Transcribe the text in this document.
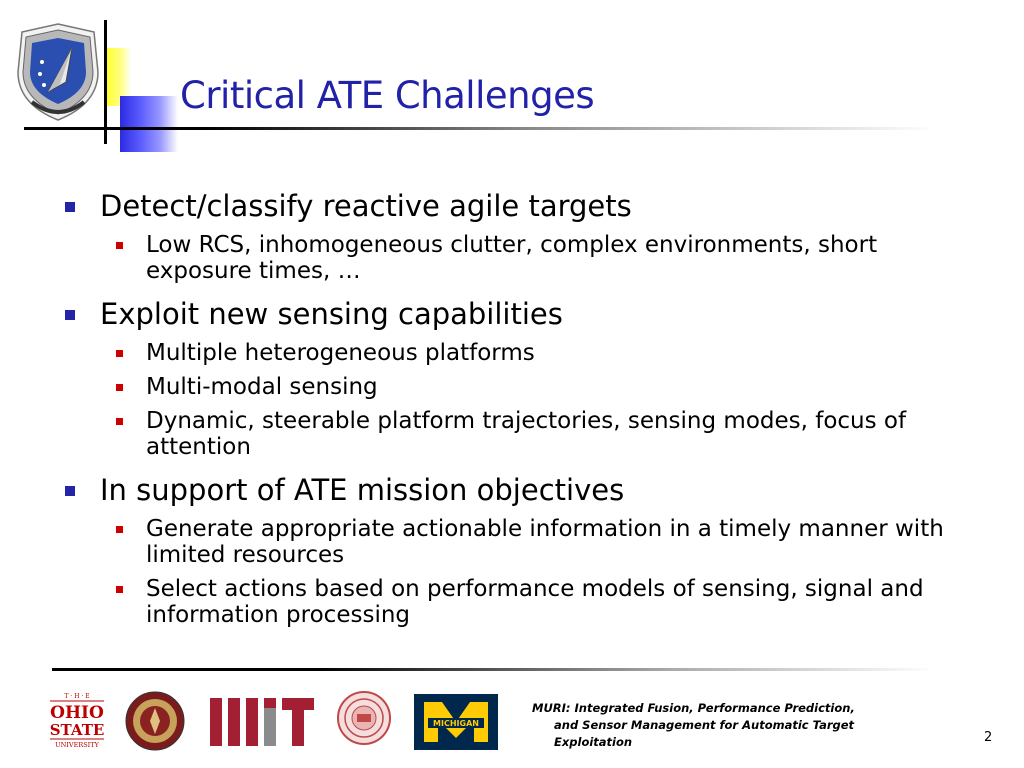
Critical ATE Challenges
Detect/classify reactive agile targets
Low RCS, inhomogeneous clutter, complex environments, short exposure times, …
Exploit new sensing capabilities
Multiple heterogeneous platforms
Multi-modal sensing
Dynamic, steerable platform trajectories, sensing modes, focus of attention
In support of ATE mission objectives
Generate appropriate actionable information in a timely manner with limited resources
Select actions based on performance models of sensing, signal and information processing
T · H · E
OHIO
STATE
UNIVERSITY
MICHIGAN
MURI: Integrated Fusion, Performance Prediction,
and Sensor Management for Automatic Target Exploitation	2
